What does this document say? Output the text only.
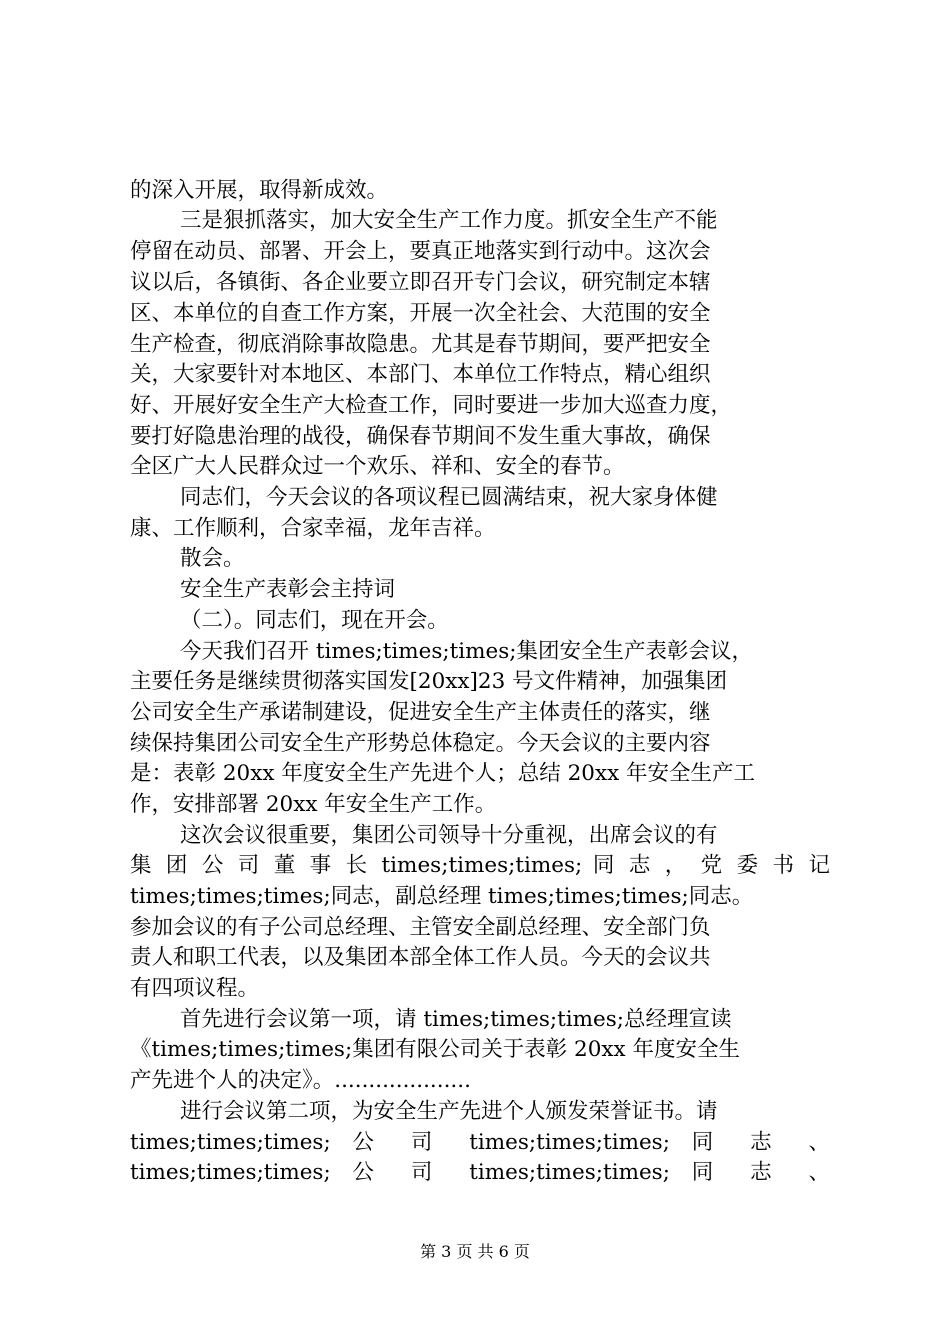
的深入开展，取得新成效。
三是狠抓落实，加大安全生产工作力度。抓安全生产不能
停留在动员、部署、开会上，要真正地落实到行动中。这次会
议以后，各镇街、各企业要立即召开专门会议，研究制定本辖
区、本单位的自查工作方案，开展一次全社会、大范围的安全
生产检查，彻底消除事故隐患。尤其是春节期间，要严把安全
关，大家要针对本地区、本部门、本单位工作特点，精心组织
好、开展好安全生产大检查工作，同时要进一步加大巡查力度，
要打好隐患治理的战役，确保春节期间不发生重大事故，确保
全区广大人民群众过一个欢乐、祥和、安全的春节。
同志们，今天会议的各项议程已圆满结束，祝大家身体健
康、工作顺利，合家幸福，龙年吉祥。
散会。
安全生产表彰会主持词
（二）。同志们，现在开会。
今天我们召开 times;times;times;集团安全生产表彰会议，
主要任务是继续贯彻落实国发[20xx]23 号文件精神，加强集团
公司安全生产承诺制建设，促进安全生产主体责任的落实，继
续保持集团公司安全生产形势总体稳定。今天会议的主要内容
是：表彰 20xx 年度安全生产先进个人；总结 20xx 年安全生产工
作，安排部署 20xx 年安全生产工作。
这次会议很重要，集团公司领导十分重视，出席会议的有
集 团 公 司 董 事 长 times;times;times; 同 志 ， 党 委 书 记
times;times;times;同志，副总经理 times;times;times;同志。
参加会议的有子公司总经理、主管安全副总经理、安全部门负
责人和职工代表，以及集团本部全体工作人员。今天的会议共
有四项议程。
首先进行会议第一项，请 times;times;times;总经理宣读
《times;times;times;集团有限公司关于表彰 20xx 年度安全生
产先进个人的决定》。....................
进行会议第二项，为安全生产先进个人颁发荣誉证书。请
times;times;times; 公 司 times;times;times; 同 志 、
times;times;times; 公 司 times;times;times; 同 志 、
第 3 页 共 6 页
